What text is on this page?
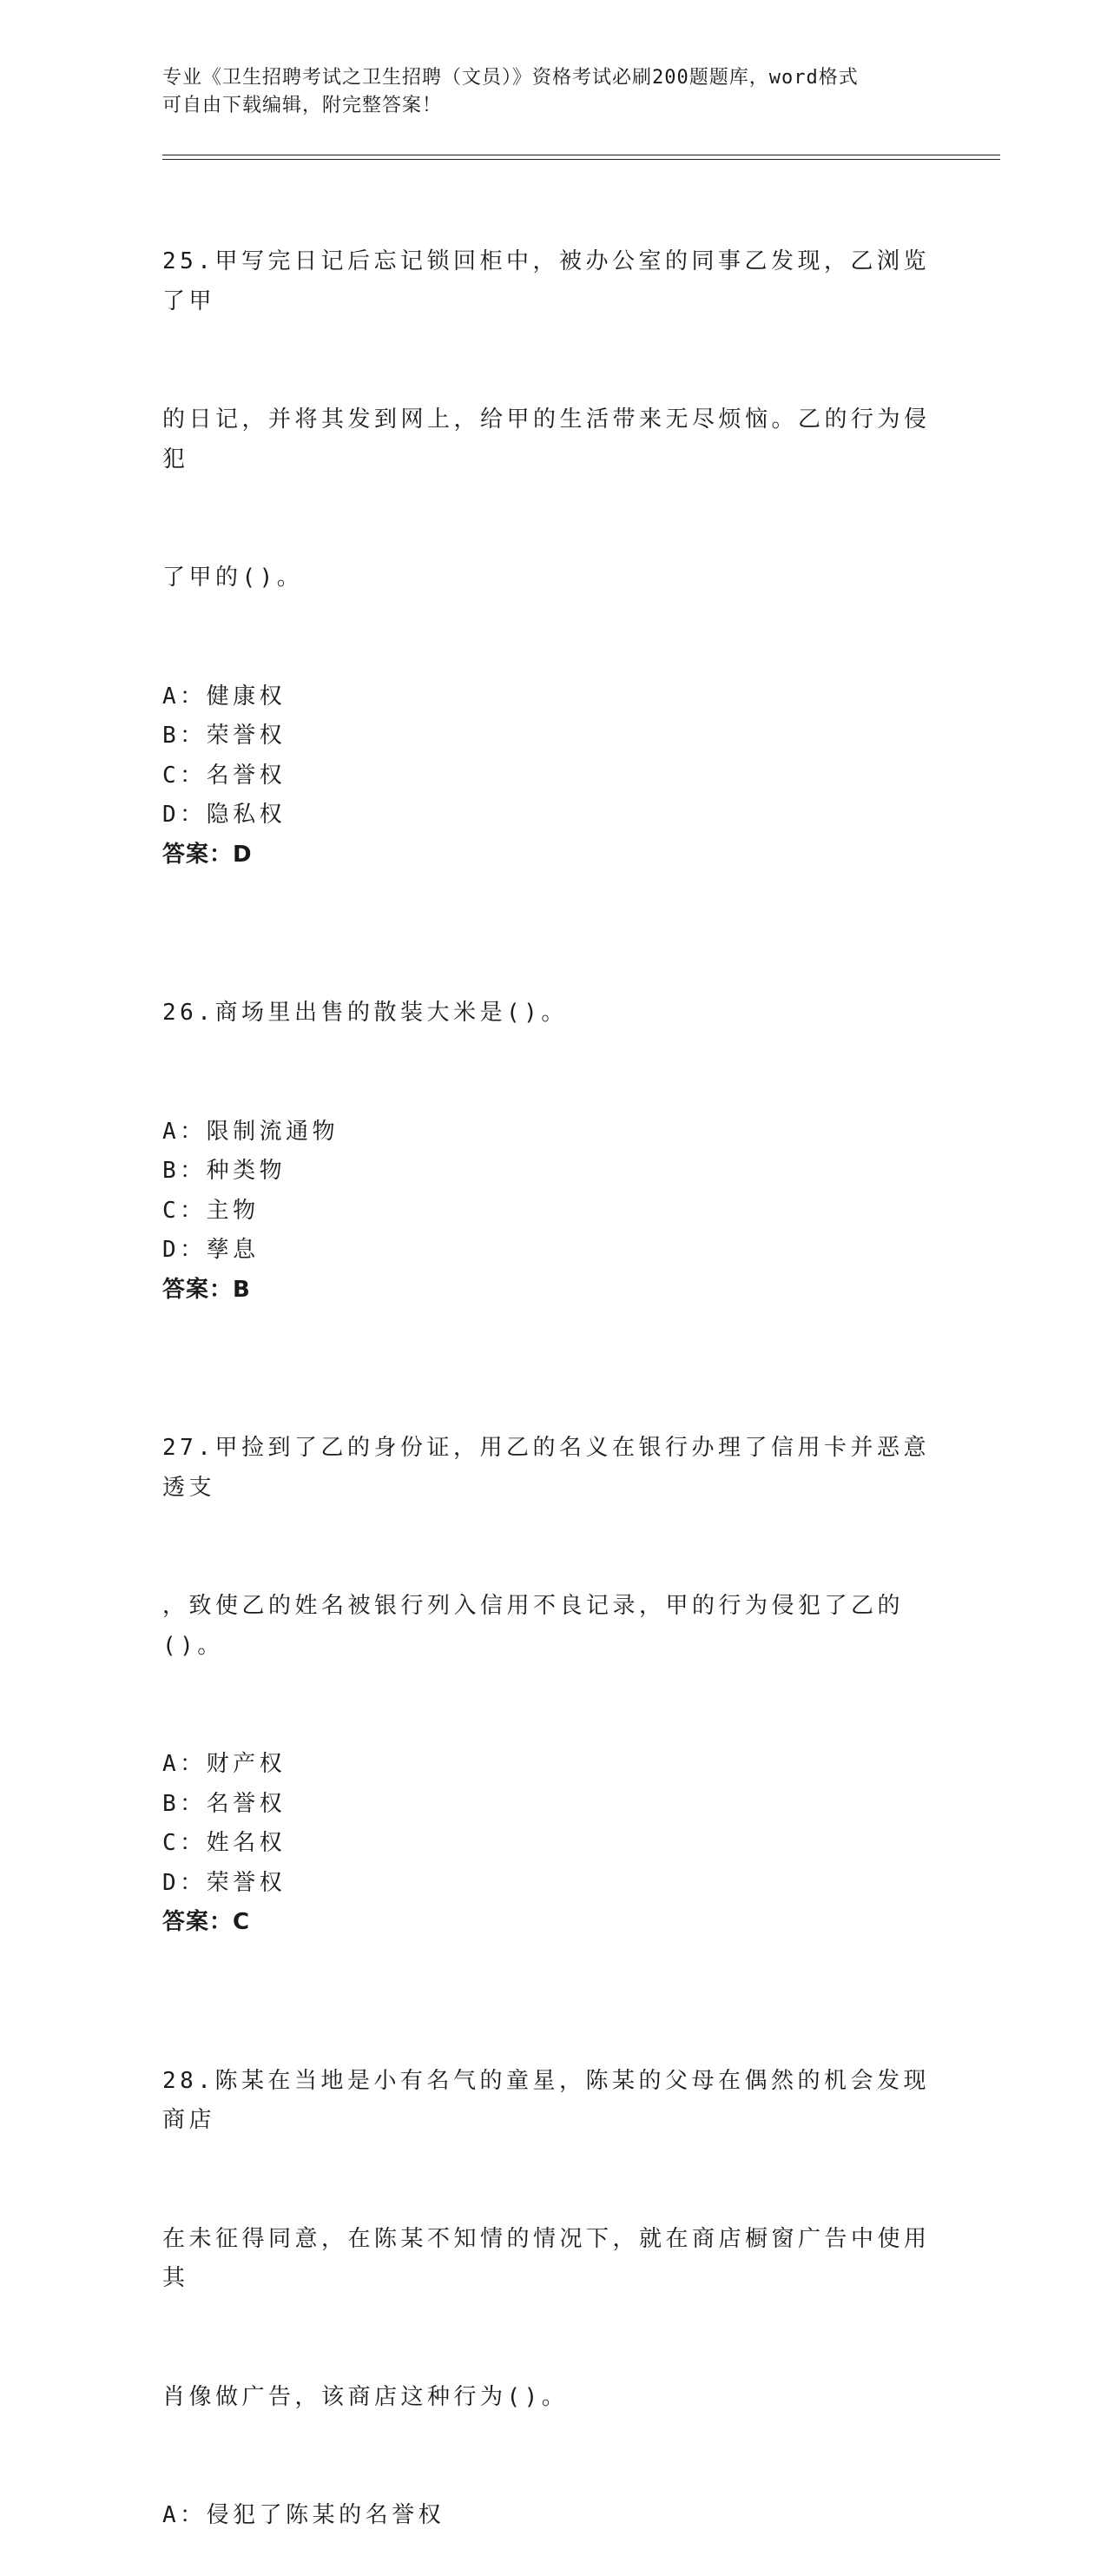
专业《卫生招聘考试之卫生招聘（文员）》资格考试必刷200题题库，word格式
可自由下载编辑，附完整答案！

25.甲写完日记后忘记锁回柜中，被办公室的同事乙发现，乙浏览了甲

的日记，并将其发到网上，给甲的生活带来无尽烦恼。乙的行为侵犯

了甲的()。

A：健康权
B：荣誉权
C：名誉权
D：隐私权
答案：D

26.商场里出售的散装大米是()。

A：限制流通物
B：种类物
C：主物
D：孳息
答案：B

27.甲捡到了乙的身份证，用乙的名义在银行办理了信用卡并恶意透支

，致使乙的姓名被银行列入信用不良记录，甲的行为侵犯了乙的()。

A：财产权
B：名誉权
C：姓名权
D：荣誉权
答案：C

28.陈某在当地是小有名气的童星，陈某的父母在偶然的机会发现商店

在未征得同意，在陈某不知情的情况下，就在商店橱窗广告中使用其

肖像做广告，该商店这种行为()。

A：侵犯了陈某的名誉权
